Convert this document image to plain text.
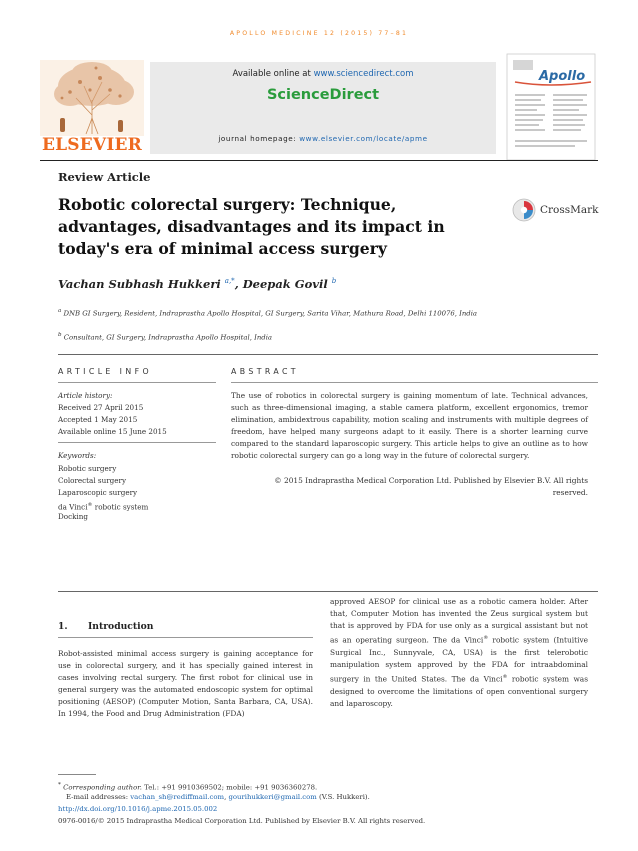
APOLLO MEDICINE 12 (2015) 77–81
ELSEVIER
Available online at www.sciencedirect.com
ScienceDirect
journal homepage: www.elsevier.com/locate/apme
Apollo
Review Article
Robotic colorectal surgery: Technique, advantages, disadvantages and its impact in today's era of minimal access surgery
CrossMark
Vachan Subhash Hukkeri $^{a,*}$, Deepak Govil $^b$
$^a$ DNB GI Surgery, Resident, Indraprastha Apollo Hospital, GI Surgery, Sarita Vihar, Mathura Road, Delhi 110076, India
$^b$ Consultant, GI Surgery, Indraprastha Apollo Hospital, India
ARTICLE INFO
Article history:
Received 27 April 2015
Accepted 1 May 2015
Available online 15 June 2015
Keywords:
Robotic surgery
Colorectal surgery
Laparoscopic surgery
da Vinci® robotic system
Docking
ABSTRACT
The use of robotics in colorectal surgery is gaining momentum of late. Technical advances, such as three-dimensional imaging, a stable camera platform, excellent ergonomics, tremor elimination, ambidextrous capability, motion scaling and instruments with multiple degrees of freedom, have helped many surgeons adapt to it easily. There is a shorter learning curve compared to the standard laparoscopic surgery. This article helps to give an outline as to how robotic colorectal surgery can go a long way in the future of colorectal surgery.
© 2015 Indraprastha Medical Corporation Ltd. Published by Elsevier B.V. All rights
reserved.
1. Introduction
Robot-assisted minimal access surgery is gaining acceptance for use in colorectal surgery, and it has specially gained interest in cases involving rectal surgery. The first robot for clinical use in general surgery was the automated endoscopic system for optimal positioning (AESOP) (Computer Motion, Santa Barbara, CA, USA). In 1994, the Food and Drug Administration (FDA)
approved AESOP for clinical use as a robotic camera holder. After that, Computer Motion has invented the Zeus surgical system but that is approved by FDA for use only as a surgical assistant but not as an operating surgeon. The da Vinci® robotic system (Intuitive Surgical Inc., Sunnyvale, CA, USA) is the first telerobotic manipulation system approved by the FDA for intraabdominal surgery in the United States. The da Vinci® robotic system was designed to overcome the limitations of open conventional surgery and laparoscopy.
* Corresponding author. Tel.: +91 9910369502; mobile: +91 9036360278.
E-mail addresses: vachan_sh@rediffmail.com, gourihukkeri@gmail.com (V.S. Hukkeri).
http://dx.doi.org/10.1016/j.apme.2015.05.002
0976-0016/© 2015 Indraprastha Medical Corporation Ltd. Published by Elsevier B.V. All rights reserved.
